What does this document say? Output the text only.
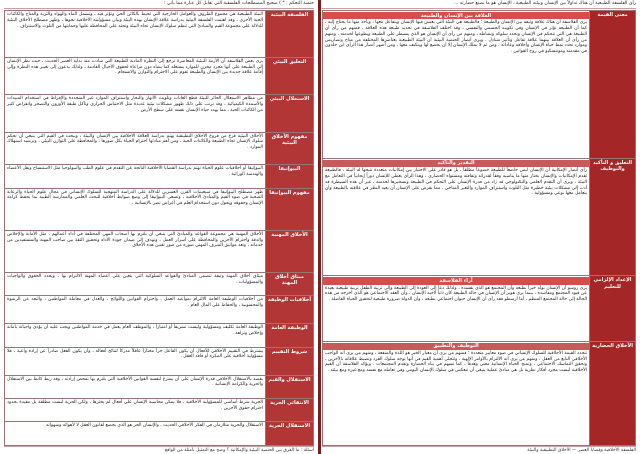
رأى الفلسفة الطبيعية أن هناك تداولاً بين الإنسان وبيئته الطبيعية ، الإنسان هو ما يصنع حضارته ...
حتمية التحكم : * ) صحيح المصطلحات الفلسفية التي تقابل كل عبارة مما يأتي :
معنى القيمة	العلاقة بين الإنسان والطبيعة
يرى الفلاسفة أن هناك علاقة وثيقة بين الإنسان والطبيعة ؛ فالطبيعة هي البيئة التي يعيش فيها الإنسان ويتفاعل معها ، ويأخذ منها ما يحتاج إليه ، كما أن الطبيعة تؤثر في الإنسان وفي تكوينه الجسمي والنفسي ، وقد اختلف الفلاسفة في تحديد طبيعة هذه العلاقة ، فمنهم من رأى أن الطبيعة هي التي تتحكم في الإنسان وتحدد سلوكه ونشاطه ، ومنهم من رأى أن الإنسان هو الذي يسيطر على الطبيعة ويطوعها لخدمته ، ومنهم من رأى أن العلاقة بينهما علاقة تفاعل وتأثير متبادل . ويرى أنصار الحتمية البيئية أن البيئة الطبيعية بعناصرها المختلفة من مناخ وتضاريس وموارد تحدد نمط حياة الإنسان وأخلاقه وعاداته ، ومن ثم لا يملك الإنسان إلا أن يخضع لها ويتكيف معها ، ومن أشهر أنصار هذا الرأي ابن خلدون في مقدمته ومونتسكيو في روح القوانين .
التعليق و التأكيد والتوظيف	التقدير والتأكيد
رأى أنصار الإمكانية أن الإنسان ليس خاضعاً للطبيعة خضوعاً مطلقاً ، بل هو قادر على الاختيار بين إمكانيات متعددة تتيحها له البيئة ، فالطبيعة تقدم الإمكانيات والإنسان يختار منها ما يناسبه وفقاً لقدراته وثقافته ومستواه الحضاري ، وهذا الرأي يعطي للإنسان دوراً إيجابياً في التعامل مع البيئة ، ويرى أن التقدم العلمي والتكنولوجي قد زاد من قدرة الإنسان على التحكم في الطبيعة وتسخيرها لخدمته ، غير أن هذه السيطرة قد أدت إلى مشكلات بيئية خطيرة مثل التلوث واستنزاف الموارد والتغير المناخي ، مما يفرض على الإنسان أن يعيد النظر في علاقته بالطبيعة وأن يتعامل معها بوعي ومسؤولية .
الإعداد الإلزامي للتعليم	آراء الفلاسفة
يرى روسو أن الإنسان يولد خيراً بطبعه وأن المجتمع هو الذي يفسده ، ولذلك دعا إلى العودة إلى الطبيعة وإلى تربية الطفل تربية طبيعية بعيدة عن قيود المجتمع ومفاسده ، بينما يرى هوبز أن الإنسان في حالة الطبيعة كان ذئباً لأخيه الإنسان ، وأن العقد الاجتماعي هو الذي أخرجه من هذه الحالة إلى حالة المجتمع المنظم ، أما أرسطو فقد رأى أن الإنسان حيوان اجتماعي بطبعه ، وأن الدولة ضرورة طبيعية لتحقيق الحياة الفاضلة .
الأخلاق الحضارية	التوظيف والتطبيق
تتحدد القيمة الأخلاقية للسلوك الإنساني في ضوء معايير متعددة ؛ فمنهم من يرى أن معيار الخير هو اللذة والمنفعة ، ومنهم من يرى أنه الواجب الأخلاقي النابع من العقل ، ومنهم من يرى أنه الالتزام بالأوامر الإلهية ، وتتجلى أهمية القيم في أنها توجه سلوك الفرد وتضبط علاقاته بالآخرين ، وتحقق التماسك الاجتماعي ، وتمنح الحياة الإنسانية معنى وهدفاً ، كما تسهم في بناء الحضارة وتقدم المجتمعات . ويؤكد الفلاسفة أن القيم الأخلاقية ليست مجرد أفكار نظرية بل هي مبادئ عملية ينبغي أن تنعكس في سلوك الإنسان اليومي وفي تعامله مع نفسه ومع غيره ومع بيئته .
الفلسفة البيئية	البيئة الطبيعية هي مجموع الظروف والعوامل الخارجية التي تحيط بالكائن الحي وتؤثر فيه ، وتشمل الماء والهواء والتربة والمناخ والكائنات الحية الأخرى ، وقد اهتمت الفلسفة البيئية بدراسة علاقة الإنسان بهذه البيئة وبيان مسؤوليته الأخلاقية نحوها ، وظهر مصطلح الأخلاق البيئية للدلالة على مجموعة القيم والمبادئ التي تنظم سلوك الإنسان تجاه البيئة وتحثه على المحافظة عليها وحمايتها من التلوث والاستنزاف .
التعليق البيئي	يرى بعض الفلاسفة أن الأزمة البيئية المعاصرة ترجع إلى النظرة المادية للطبيعة التي سادت منذ بداية العصر الحديث ، حيث نظر الإنسان إلى الطبيعة على أنها مجرد مخزن للموارد يستغله كما يشاء دون مراعاة لحقوق الأجيال القادمة ، ولذلك يدعون إلى تغيير هذه النظرة وإلى إقامة علاقة جديدة بين الإنسان والطبيعة تقوم على الاحترام والتوازن والانسجام .
الاستغلال البيئي	من مظاهر الاستغلال الجائر للبيئة قطع الغابات وتلويث الأنهار والبحار واستنزاف الموارد غير المتجددة والإفراط في استخدام المبيدات والأسمدة الكيميائية ، وقد ترتب على ذلك ظهور مشكلات بيئية عديدة مثل الاحتباس الحراري وتآكل طبقة الأوزون والتصحر وانقراض كثير من الكائنات الحية ، مما يهدد حياة الإنسان نفسه على سطح الأرض .
مفهوم الأخلاق البيئية	الأخلاق البيئية فرع من فروع الأخلاق التطبيقية يهتم بدراسة العلاقة الأخلاقية بين الإنسان والبيئة ، ويبحث في القيم التي ينبغي أن تحكم سلوك الإنسان تجاه الطبيعة والكائنات الحية ، ومن أهم مبادئها احترام الحياة بكل صورها ، والمحافظة على التوازن البيئي ، وترشيد استهلاك الموارد .
البيوإتيقا	البيوإتيقا أو أخلاقيات علوم الحياة تهتم بدراسة القضايا الأخلاقية الناتجة عن التقدم في علوم الطب والبيولوجيا مثل الاستنساخ ونقل الأعضاء والهندسة الوراثية .
مفهوم البيوإتيقا	ظهر مصطلح البيوإتيقا في سبعينيات القرن العشرين للدلالة على الدراسة المنهجية للسلوك الإنساني في مجال علوم الحياة والرعاية الصحية في ضوء القيم والمبادئ الأخلاقية ، وتسعى البيوإتيقا إلى وضع ضوابط أخلاقية للبحث العلمي والممارسة الطبية بما يحفظ كرامة الإنسان وحقوقه ويحول دون استخدام العلم في أغراض تضر بالإنسانية .
الأخلاق المهنية	الأخلاق المهنية هي مجموعة القواعد والمبادئ التي ينبغي أن يلتزم بها أصحاب المهن المختلفة في أداء أعمالهم ، مثل الأمانة والإخلاص والدقة واحترام الآخرين والمحافظة على أسرار العمل ، وتهدف إلى ضمان جودة الأداء وتحقيق الثقة بين صاحب المهنة والمستفيدين من خدماته ، وتعد مواثيق الشرف المهني صورة من صور تقنين هذه الأخلاق .
ميثاق أخلاق المهنة	ميثاق أخلاق المهنة وثيقة تتضمن المبادئ والقواعد السلوكية التي يتعين على أعضاء المهنة الالتزام بها ، ويحدد الحقوق والواجبات والمسؤوليات .
أخلاقيات الوظيفة	من أخلاقيات الوظيفة العامة الالتزام بمواعيد العمل ، واحترام القوانين واللوائح ، والعدل في معاملة المواطنين ، والبعد عن الرشوة والمحسوبية ، والحفاظ على المال العام .
الوظيفة العامة	الوظيفة العامة تكليف ومسؤولية وليست تشريفاً أو امتيازاً ، والموظف العام يعمل في خدمة المواطنين ويجب عليه أن يؤدي واجباته بأمانة وإخلاص ونزاهة .
شروط التقييم	يشترط في التقييم الأخلاقي للأفعال أن يكون الفاعل حراً مختاراً عاقلاً مدركاً لنتائج أفعاله ، وأن يكون الفعل صادراً عن إرادة واعية ، فلا مسؤولية أخلاقية على المكره أو فاقد العقل .
الاستقلال والقيم	يقصد بالاستقلال الأخلاقي قدرة الإنسان على أن يشرع لنفسه القوانين الأخلاقية التي يلتزم بها بمحض إرادته ، وقد ربط كانط بين الاستقلال والحرية والكرامة الإنسانية .
الانتقائي الحرية	الحرية شرط أساسي للمسؤولية الأخلاقية ، فلا يمكن محاسبة الإنسان على أفعال لم يخترها ، ولكن الحرية ليست مطلقة بل مقيدة بحدود احترام حقوق الآخرين .
الاستقلال الحرية	الاستقلال والحرية متلازمان في الفكر الأخلاقي الحديث ، والإنسان الحر هو الذي يخضع لقانون العقل لا لأهوائه وشهواته .
الفلسفة الأخلاقية وقضايا العصر — الأخلاق التطبيقية والبيئة
أسئلة : ما الفرق بين الحتمية البيئية والإمكانية ؟ وضح مع التمثيل بأمثلة من الواقع
